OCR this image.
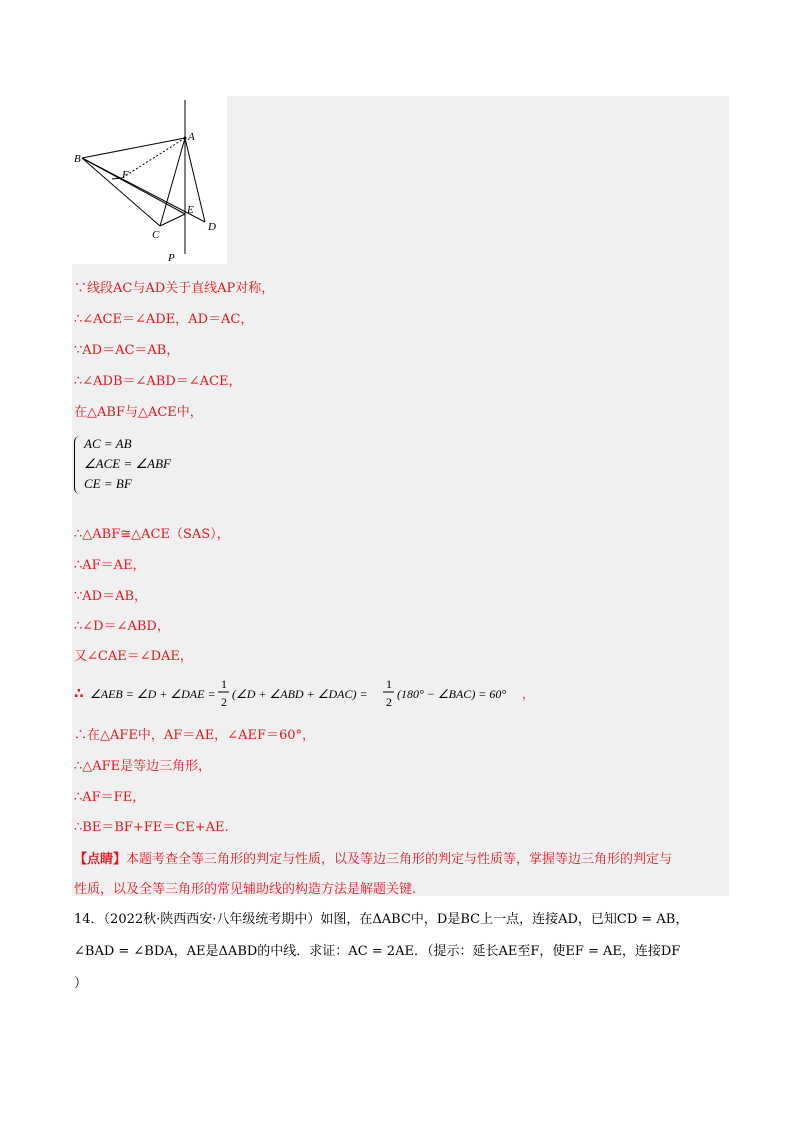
A
B
F
E
C
D
P
∵线段AC与AD关于直线AP对称，
∴∠ACE＝∠ADE，AD＝AC，
∵AD＝AC＝AB，
∴∠ADB＝∠ABD＝∠ACE，
在△ABF与△ACE中，
AC = AB
∠ACE = ∠ABF
CE = BF
∴△ABF≅△ACE（SAS），
∴AF＝AE，
∵AD＝AB，
∴∠D＝∠ABD，
又∠CAE＝∠DAE，
∴ ∠AEB = ∠D + ∠DAE =
1
2
(∠D + ∠ABD + ∠DAC) =
1
2
(180° − ∠BAC) = 60° ，
∴在△AFE中，AF＝AE，∠AEF＝60°，
∴△AFE是等边三角形，
∴AF＝FE，
∴BE＝BF+FE＝CE+AE.
【点睛】本题考查全等三角形的判定与性质，以及等边三角形的判定与性质等，掌握等边三角形的判定与
性质，以及全等三角形的常见辅助线的构造方法是解题关键.
14．（2022秋·陕西西安·八年级统考期中）如图，在ΔABC中，D是BC上一点，连接AD，已知CD = AB，
∠BAD = ∠BDA，AE是ΔABD的中线．求证：AC = 2AE．（提示：延长AE至F，使EF = AE，连接DF
）
